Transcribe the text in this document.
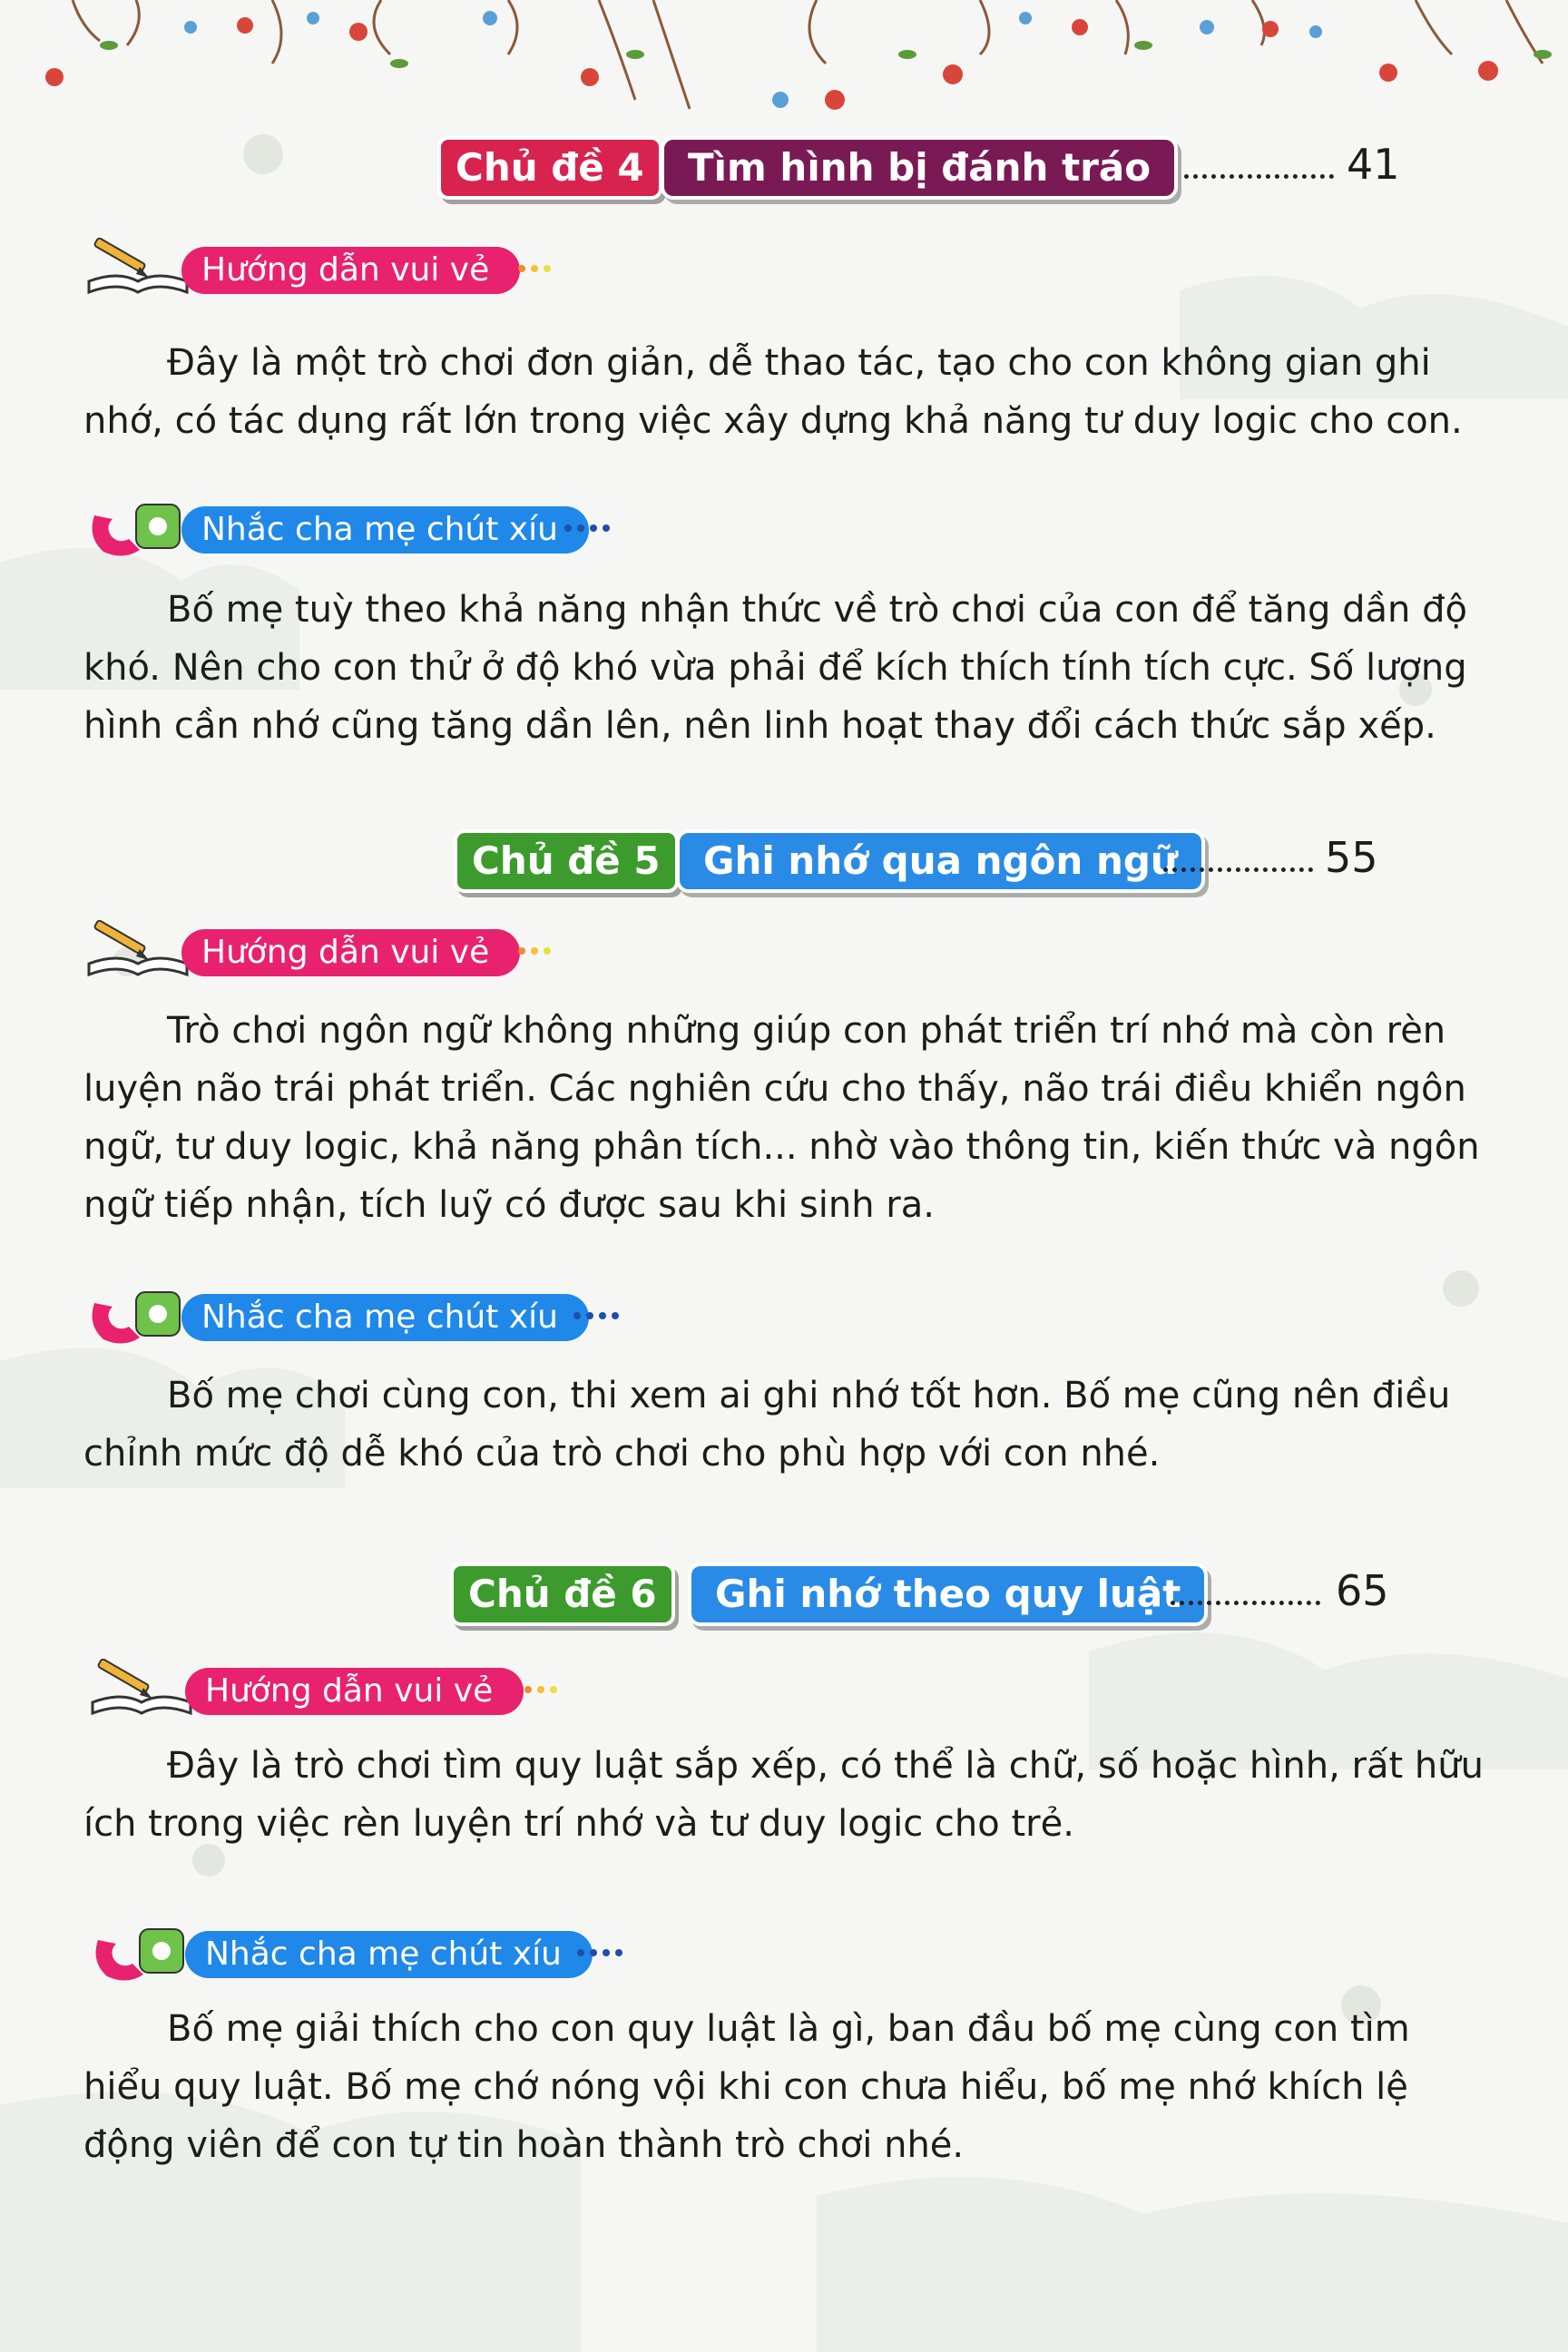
Chủ đề 4	Tìm hình bị đánh tráo	41
Hướng dẫn vui vẻ

Đây là một trò chơi đơn giản, dễ thao tác, tạo cho con không gian ghi nhớ, có tác dụng rất lớn trong việc xây dựng khả năng tư duy logic cho con.

Nhắc cha mẹ chút xíu

Bố mẹ tuỳ theo khả năng nhận thức về trò chơi của con để tăng dần độ khó. Nên cho con thử ở độ khó vừa phải để kích thích tính tích cực. Số lượng hình cần nhớ cũng tăng dần lên, nên linh hoạt thay đổi cách thức sắp xếp.

Chủ đề 5	Ghi nhớ qua ngôn ngữ	55
Hướng dẫn vui vẻ

Trò chơi ngôn ngữ không những giúp con phát triển trí nhớ mà còn rèn luyện não trái phát triển. Các nghiên cứu cho thấy, não trái điều khiển ngôn ngữ, tư duy logic, khả năng phân tích... nhờ vào thông tin, kiến thức và ngôn ngữ tiếp nhận, tích luỹ có được sau khi sinh ra.

Nhắc cha mẹ chút xíu

Bố mẹ chơi cùng con, thi xem ai ghi nhớ tốt hơn. Bố mẹ cũng nên điều chỉnh mức độ dễ khó của trò chơi cho phù hợp với con nhé.

Chủ đề 6	Ghi nhớ theo quy luật	65
Hướng dẫn vui vẻ

Đây là trò chơi tìm quy luật sắp xếp, có thể là chữ, số hoặc hình, rất hữu ích trong việc rèn luyện trí nhớ và tư duy logic cho trẻ.

Nhắc cha mẹ chút xíu

Bố mẹ giải thích cho con quy luật là gì, ban đầu bố mẹ cùng con tìm hiểu quy luật. Bố mẹ chớ nóng vội khi con chưa hiểu, bố mẹ nhớ khích lệ động viên để con tự tin hoàn thành trò chơi nhé.
